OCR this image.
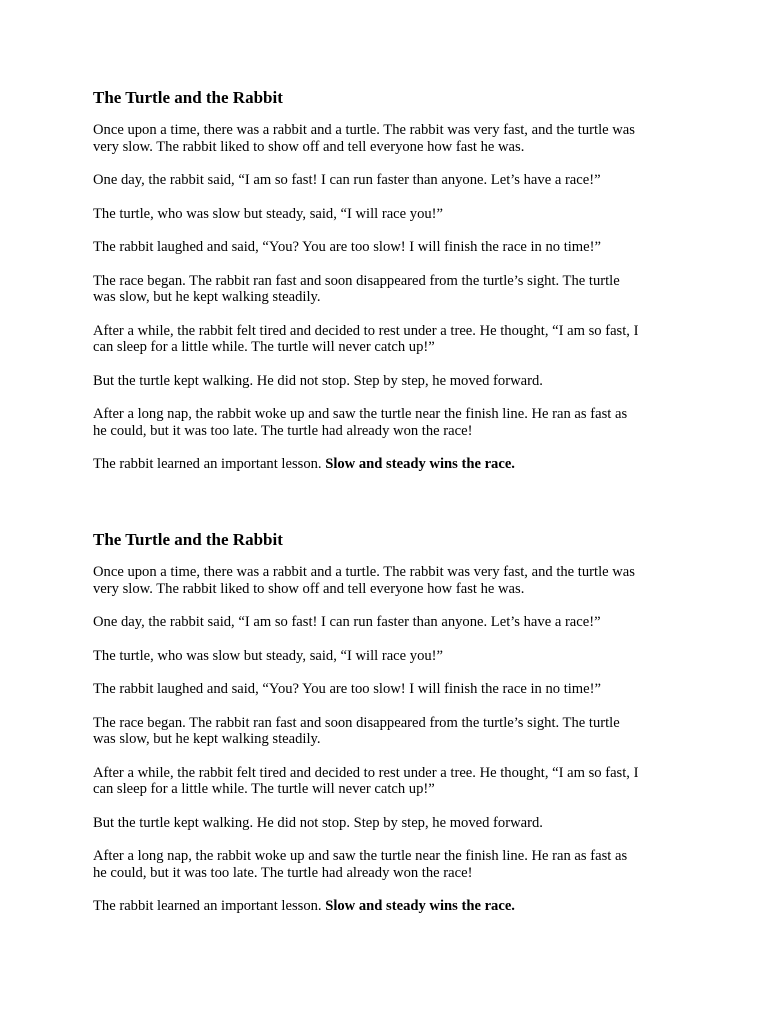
The Turtle and the Rabbit

Once upon a time, there was a rabbit and a turtle. The rabbit was very fast, and the turtle was
very slow. The rabbit liked to show off and tell everyone how fast he was.

One day, the rabbit said, “I am so fast! I can run faster than anyone. Let’s have a race!”

The turtle, who was slow but steady, said, “I will race you!”

The rabbit laughed and said, “You? You are too slow! I will finish the race in no time!”

The race began. The rabbit ran fast and soon disappeared from the turtle’s sight. The turtle
was slow, but he kept walking steadily.

After a while, the rabbit felt tired and decided to rest under a tree. He thought, “I am so fast, I
can sleep for a little while. The turtle will never catch up!”

But the turtle kept walking. He did not stop. Step by step, he moved forward.

After a long nap, the rabbit woke up and saw the turtle near the finish line. He ran as fast as
he could, but it was too late. The turtle had already won the race!

The rabbit learned an important lesson. Slow and steady wins the race.

The Turtle and the Rabbit

Once upon a time, there was a rabbit and a turtle. The rabbit was very fast, and the turtle was
very slow. The rabbit liked to show off and tell everyone how fast he was.

One day, the rabbit said, “I am so fast! I can run faster than anyone. Let’s have a race!”

The turtle, who was slow but steady, said, “I will race you!”

The rabbit laughed and said, “You? You are too slow! I will finish the race in no time!”

The race began. The rabbit ran fast and soon disappeared from the turtle’s sight. The turtle
was slow, but he kept walking steadily.

After a while, the rabbit felt tired and decided to rest under a tree. He thought, “I am so fast, I
can sleep for a little while. The turtle will never catch up!”

But the turtle kept walking. He did not stop. Step by step, he moved forward.

After a long nap, the rabbit woke up and saw the turtle near the finish line. He ran as fast as
he could, but it was too late. The turtle had already won the race!

The rabbit learned an important lesson. Slow and steady wins the race.
